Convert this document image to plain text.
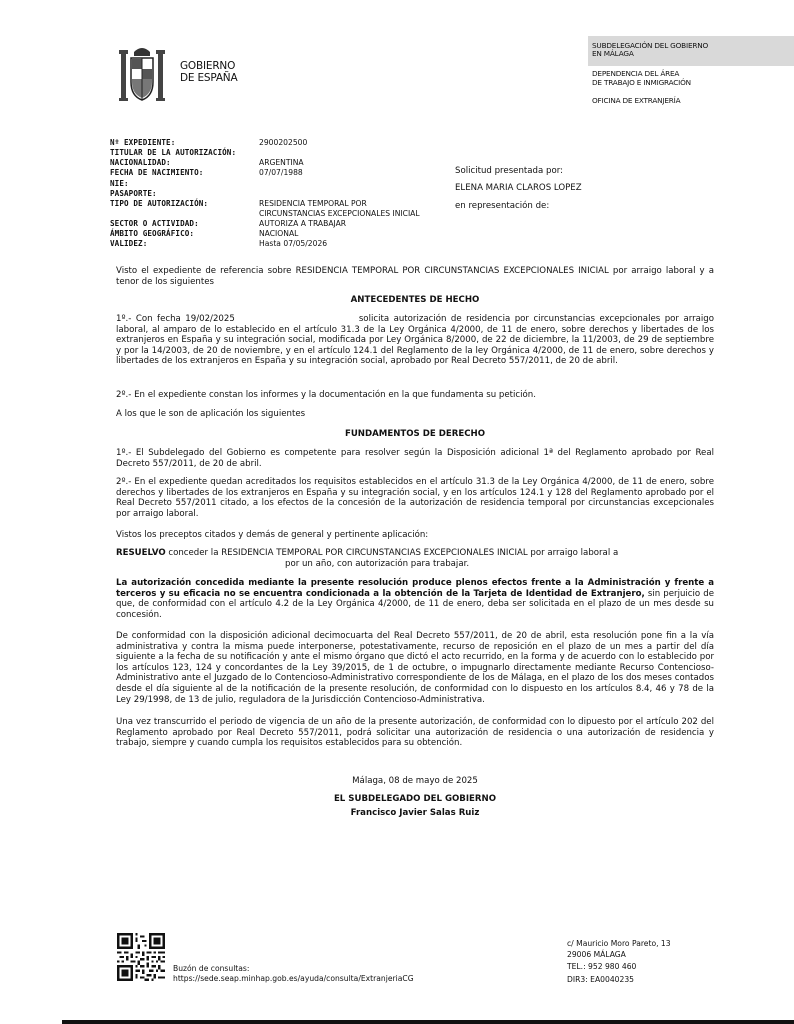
GOBIERNO
DE ESPAÑA
SUBDELEGACIÓN DEL GOBIERNO
EN MÁLAGA
DEPENDENCIA DEL ÁREA
DE TRABAJO E INMIGRACIÓN
OFICINA DE EXTRANJERÍA
Nº EXPEDIENTE:	2900202500
TITULAR DE LA AUTORIZACIÓN:
NACIONALIDAD:	ARGENTINA
FECHA DE NACIMIENTO:	07/07/1988
NIE:
PASAPORTE:
TIPO DE AUTORIZACIÓN:	RESIDENCIA TEMPORAL POR
CIRCUNSTANCIAS EXCEPCIONALES INICIAL
SECTOR O ACTIVIDAD:	AUTORIZA A TRABAJAR
ÁMBITO GEOGRÁFICO:	NACIONAL
VALIDEZ:	Hasta 07/05/2026
Solicitud presentada por:
ELENA MARIA CLAROS LOPEZ
en representación de:
Visto el expediente de referencia sobre RESIDENCIA TEMPORAL POR CIRCUNSTANCIAS EXCEPCIONALES INICIAL por arraigo laboral y a tenor de los siguientes
ANTECEDENTES DE HECHO
1º.- Con fecha 19/02/2025	solicita autorización de residencia por circunstancias excepcionales por arraigo laboral, al amparo de lo establecido en el artículo 31.3 de la Ley Orgánica 4/2000, de 11 de enero, sobre derechos y libertades de los extranjeros en España y su integración social, modificada por Ley Orgánica 8/2000, de 22 de diciembre, la 11/2003, de 29 de septiembre y por la 14/2003, de 20 de noviembre, y en el artículo 124.1 del Reglamento de la ley Orgánica 4/2000, de 11 de enero, sobre derechos y libertades de los extranjeros en España y su integración social, aprobado por Real Decreto 557/2011, de 20 de abril.
2º.- En el expediente constan los informes y la documentación en la que fundamenta su petición.
A los que le son de aplicación los siguientes
FUNDAMENTOS DE DERECHO
1º.- El Subdelegado del Gobierno es competente para resolver según la Disposición adicional 1ª del Reglamento aprobado por Real Decreto 557/2011, de 20 de abril.
2º.- En el expediente quedan acreditados los requisitos establecidos en el artículo 31.3 de la Ley Orgánica 4/2000, de 11 de enero, sobre derechos y libertades de los extranjeros en España y su integración social, y en los artículos 124.1 y 128 del Reglamento aprobado por el Real Decreto 557/2011 citado, a los efectos de la concesión de la autorización de residencia temporal por circunstancias excepcionales por arraigo laboral.
Vistos los preceptos citados y demás de general y pertinente aplicación:
RESUELVO conceder la RESIDENCIA TEMPORAL POR CIRCUNSTANCIAS EXCEPCIONALES INICIAL por arraigo laboral a
por un año, con autorización para trabajar.
La autorización concedida mediante la presente resolución produce plenos efectos frente a la Administración y frente a terceros y su eficacia no se encuentra condicionada a la obtención de la Tarjeta de Identidad de Extranjero, sin perjuicio de que, de conformidad con el artículo 4.2 de la Ley Orgánica 4/2000, de 11 de enero, deba ser solicitada en el plazo de un mes desde su concesión.
De conformidad con la disposición adicional decimocuarta del Real Decreto 557/2011, de 20 de abril, esta resolución pone fin a la vía administrativa y contra la misma puede interponerse, potestativamente, recurso de reposición en el plazo de un mes a partir del día siguiente a la fecha de su notificación y ante el mismo órgano que dictó el acto recurrido, en la forma y de acuerdo con lo establecido por los artículos 123, 124 y concordantes de la Ley 39/2015, de 1 de octubre, o impugnarlo directamente mediante Recurso Contencioso-Administrativo ante el Juzgado de lo Contencioso-Administrativo correspondiente de los de Málaga, en el plazo de los dos meses contados desde el día siguiente al de la notificación de la presente resolución, de conformidad con lo dispuesto en los artículos 8.4, 46 y 78 de la Ley 29/1998, de 13 de julio, reguladora de la Jurisdicción Contencioso-Administrativa.
Una vez transcurrido el periodo de vigencia de un año de la presente autorización, de conformidad con lo dipuesto por el artículo 202 del Reglamento aprobado por Real Decreto 557/2011, podrá solicitar una autorización de residencia o una autorización de residencia y trabajo, siempre y cuando cumpla los requisitos establecidos para su obtención.
Málaga, 08 de mayo de 2025
EL SUBDELEGADO DEL GOBIERNO
Francisco Javier Salas Ruiz
Buzón de consultas:
https://sede.seap.minhap.gob.es/ayuda/consulta/ExtranjeriaCG
c/ Mauricio Moro Pareto, 13
29006 MÁLAGA
TEL.: 952 980 460
DIR3: EA0040235
